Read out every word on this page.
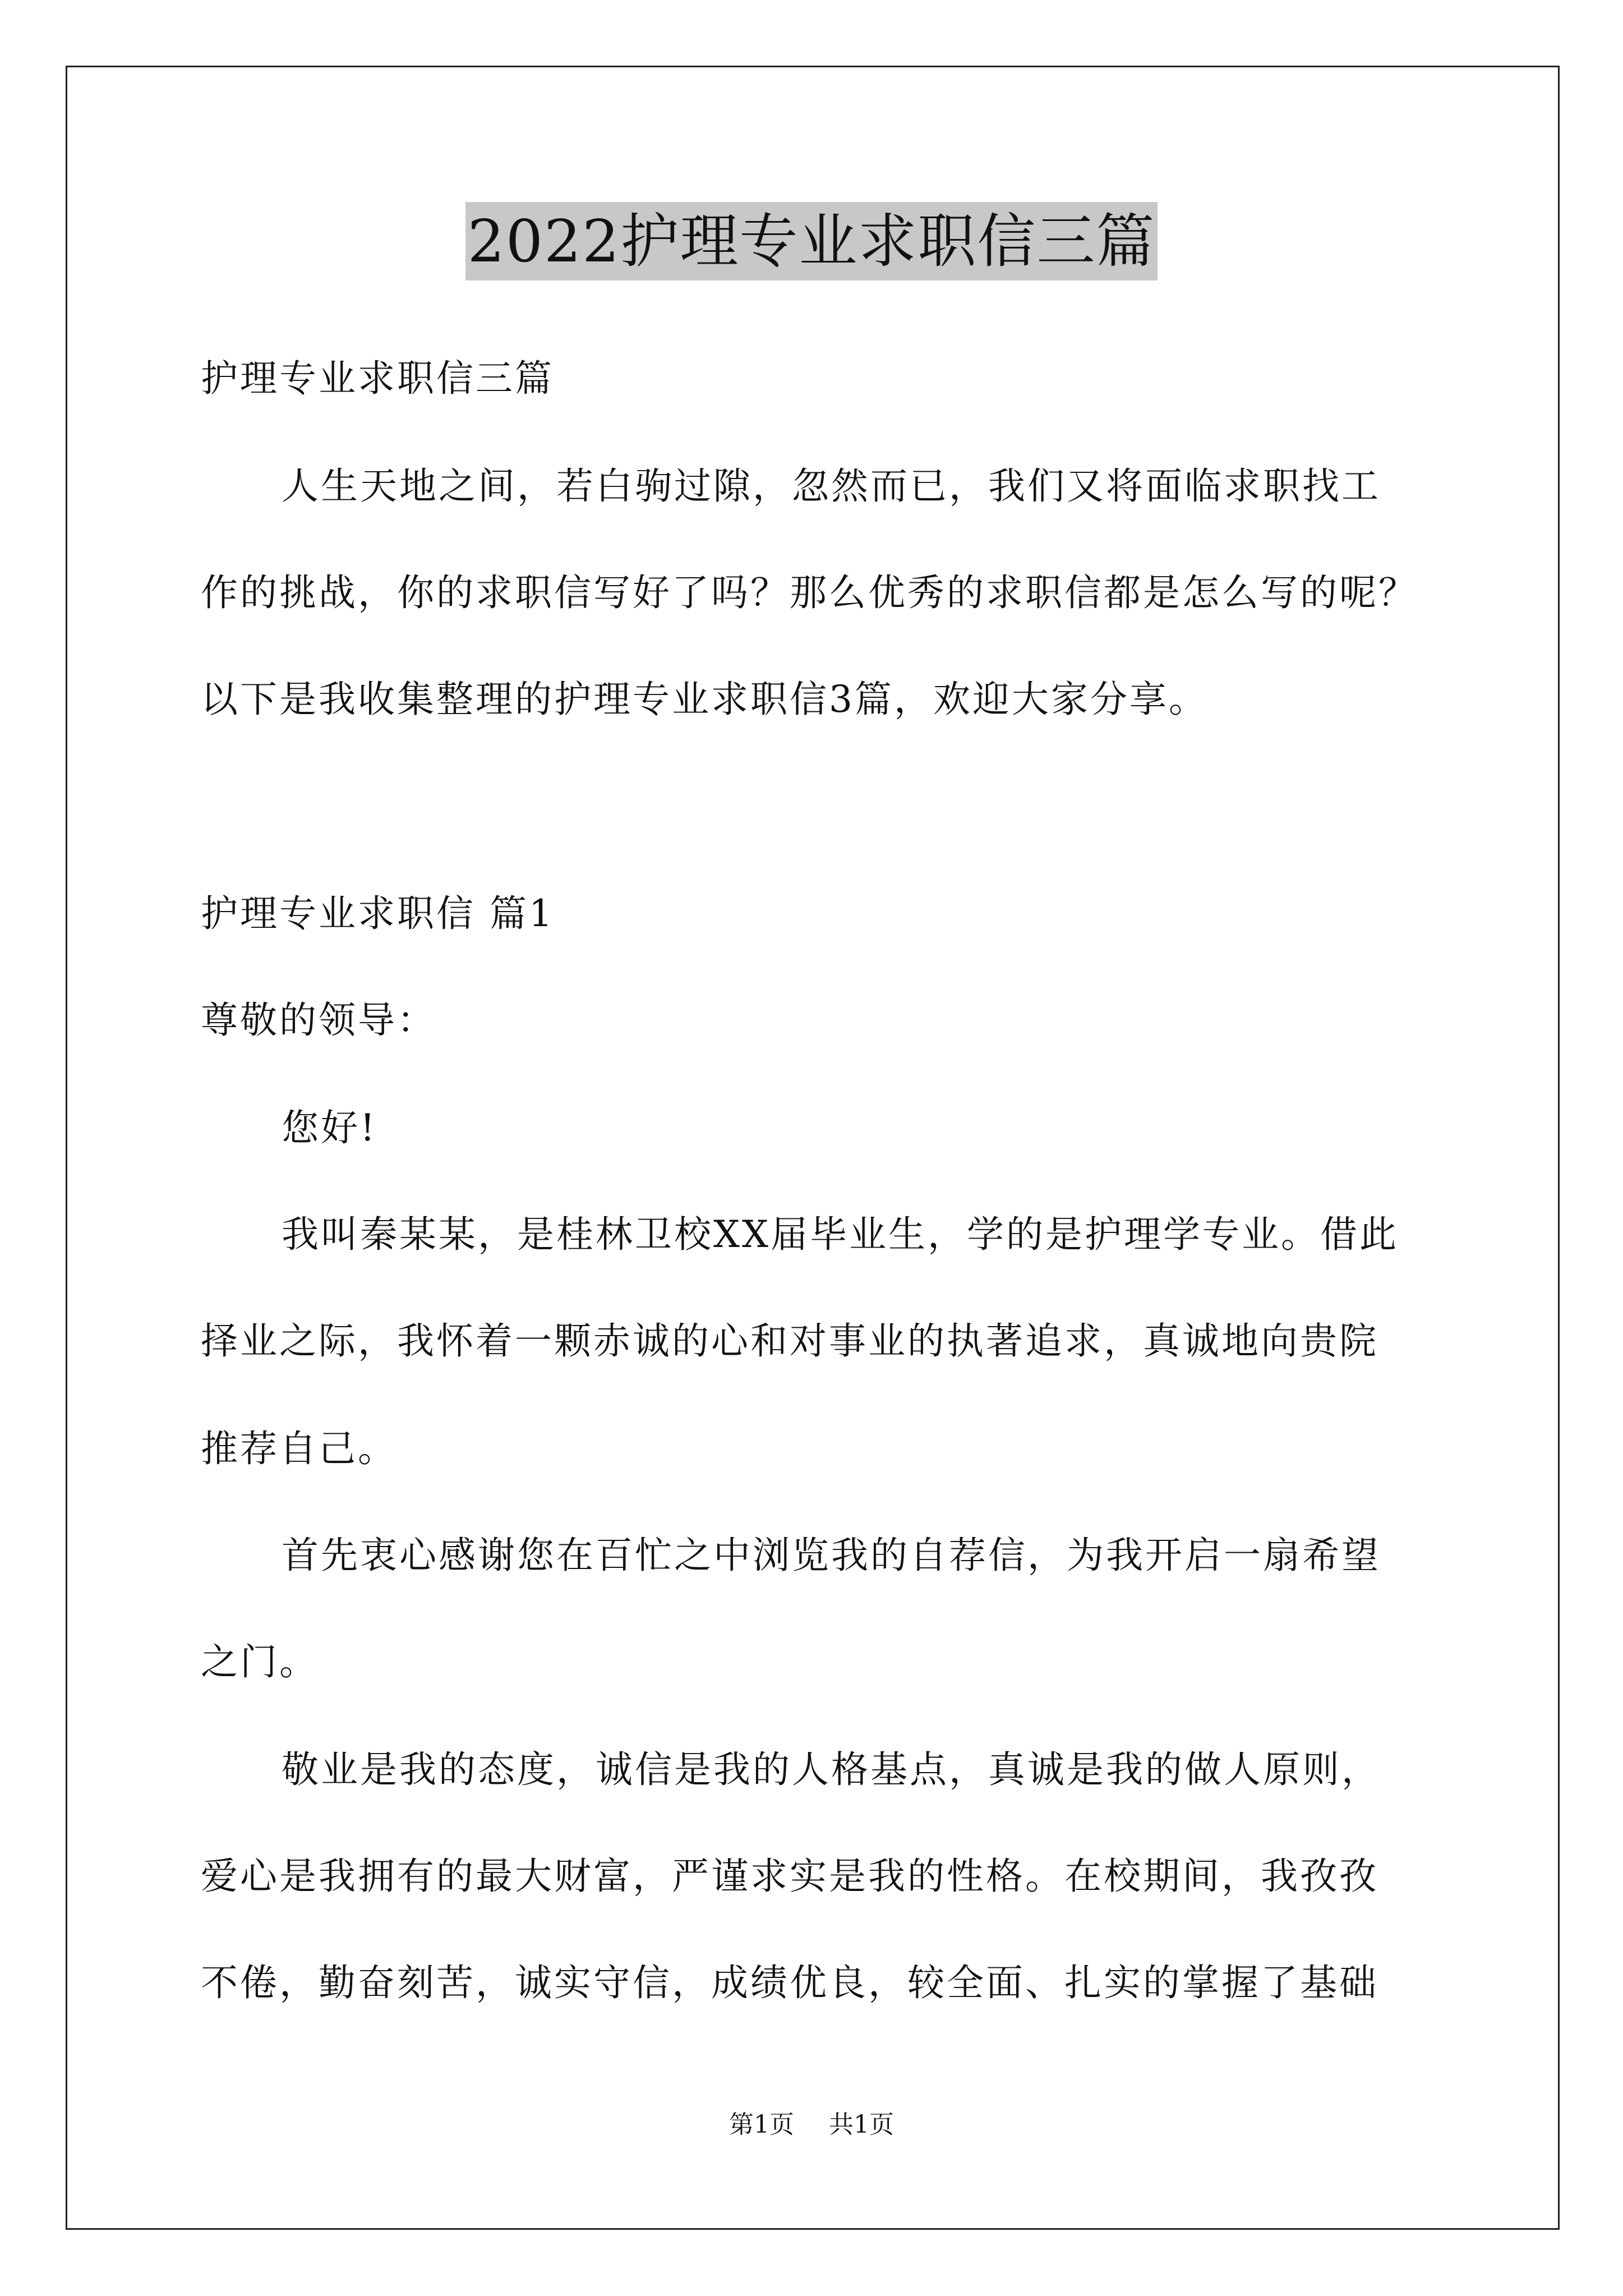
2022护理专业求职信三篇
护理专业求职信三篇
人生天地之间，若白驹过隙，忽然而已，我们又将面临求职找工
作的挑战，你的求职信写好了吗？那么优秀的求职信都是怎么写的呢？
以下是我收集整理的护理专业求职信3篇，欢迎大家分享。
护理专业求职信 篇1
尊敬的领导：
您好!
我叫秦某某，是桂林卫校XX届毕业生，学的是护理学专业。借此
择业之际，我怀着一颗赤诚的心和对事业的执著追求，真诚地向贵院
推荐自己。
首先衷心感谢您在百忙之中浏览我的自荐信，为我开启一扇希望
之门。
敬业是我的态度，诚信是我的人格基点，真诚是我的做人原则，
爱心是我拥有的最大财富，严谨求实是我的性格。在校期间，我孜孜
不倦，勤奋刻苦，诚实守信，成绩优良，较全面、扎实的掌握了基础
第1页 共1页
